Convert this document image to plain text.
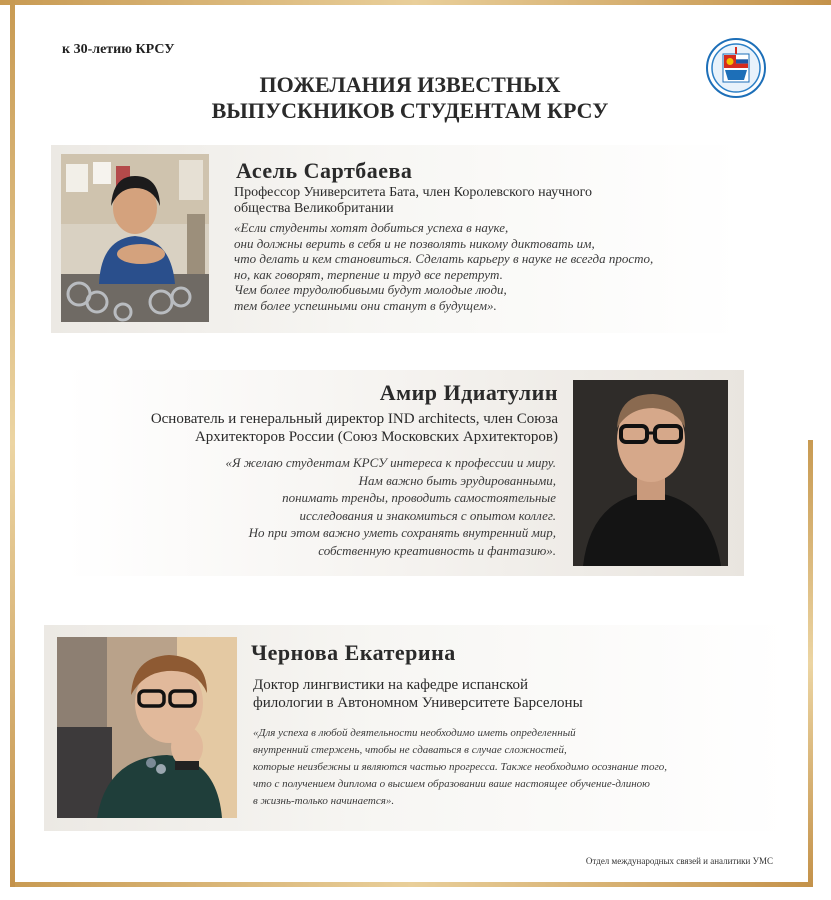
к 30-летию КРСУ
ПОЖЕЛАНИЯ ИЗВЕСТНЫХ
ВЫПУСКНИКОВ СТУДЕНТАМ КРСУ
Асель Сартбаева
Профессор Университета Бата, член Королевского научного
общества Великобритании
«Если студенты хотят добиться успеха в науке,
они должны верить в себя и не позволять никому диктовать им,
что делать и кем становиться. Сделать карьеру в науке не всегда просто,
но, как говорят, терпение и труд все перетрут.
Чем более трудолюбивыми будут молодые люди,
тем более успешными они станут в будущем».
Амир Идиатулин
Основатель и генеральный директор IND architects, член Союза
Архитекторов России (Союз Московских Архитекторов)
«Я желаю студентам КРСУ интереса к профессии и миру.
Нам важно быть эрудированными,
понимать тренды, проводить самостоятельные
исследования и знакомиться с опытом коллег.
Но при этом важно уметь сохранять внутренний мир,
собственную креативность и фантазию».
Чернова Екатерина
Доктор лингвистики на кафедре испанской
филологии в Автономном Университете Барселоны
«Для успеха в любой деятельности необходимо иметь определенный
внутренний стержень, чтобы не сдаваться в случае сложностей,
которые неизбежны и являются частью прогресса. Также необходимо осознание того,
что с получением диплома о высшем образовании ваше настоящее обучение-длиною
в жизнь-только начинается».
Отдел международных связей и аналитики УМС
